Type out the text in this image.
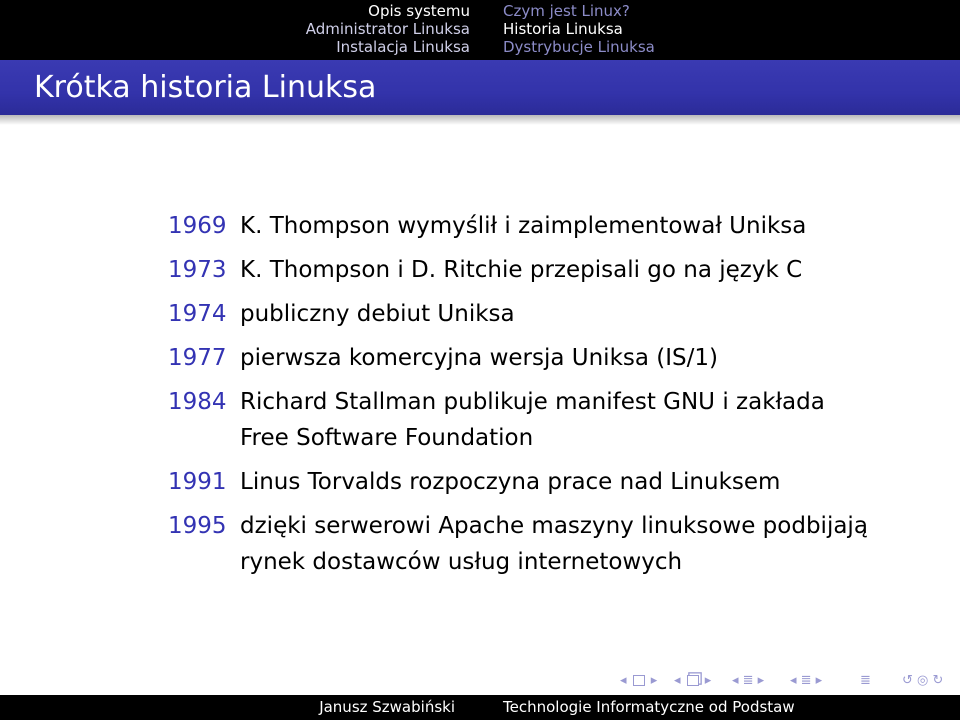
Opis systemu
Administrator Linuksa
Instalacja Linuksa
Czym jest Linux?
Historia Linuksa
Dystrybucje Linuksa
Krótka historia Linuksa
1969 K. Thompson wymyślił i zaimplementował Uniksa
1973 K. Thompson i D. Ritchie przepisali go na język C
1974 publiczny debiut Uniksa
1977 pierwsza komercyjna wersja Uniksa (IS/1)
1984 Richard Stallman publikuje manifest GNU i zakłada
Free Software Foundation
1991 Linus Torvalds rozpoczyna prace nad Linuksem
1995 dzięki serwerowi Apache maszyny linuksowe podbijają
rynek dostawców usług internetowych
◂  ▸ ◂  ▸ ◂ ≣ ▸ ◂ ≣ ▸	≣ ↺ ◎ ↻
Janusz Szwabiński	Technologie Informatyczne od Podstaw
